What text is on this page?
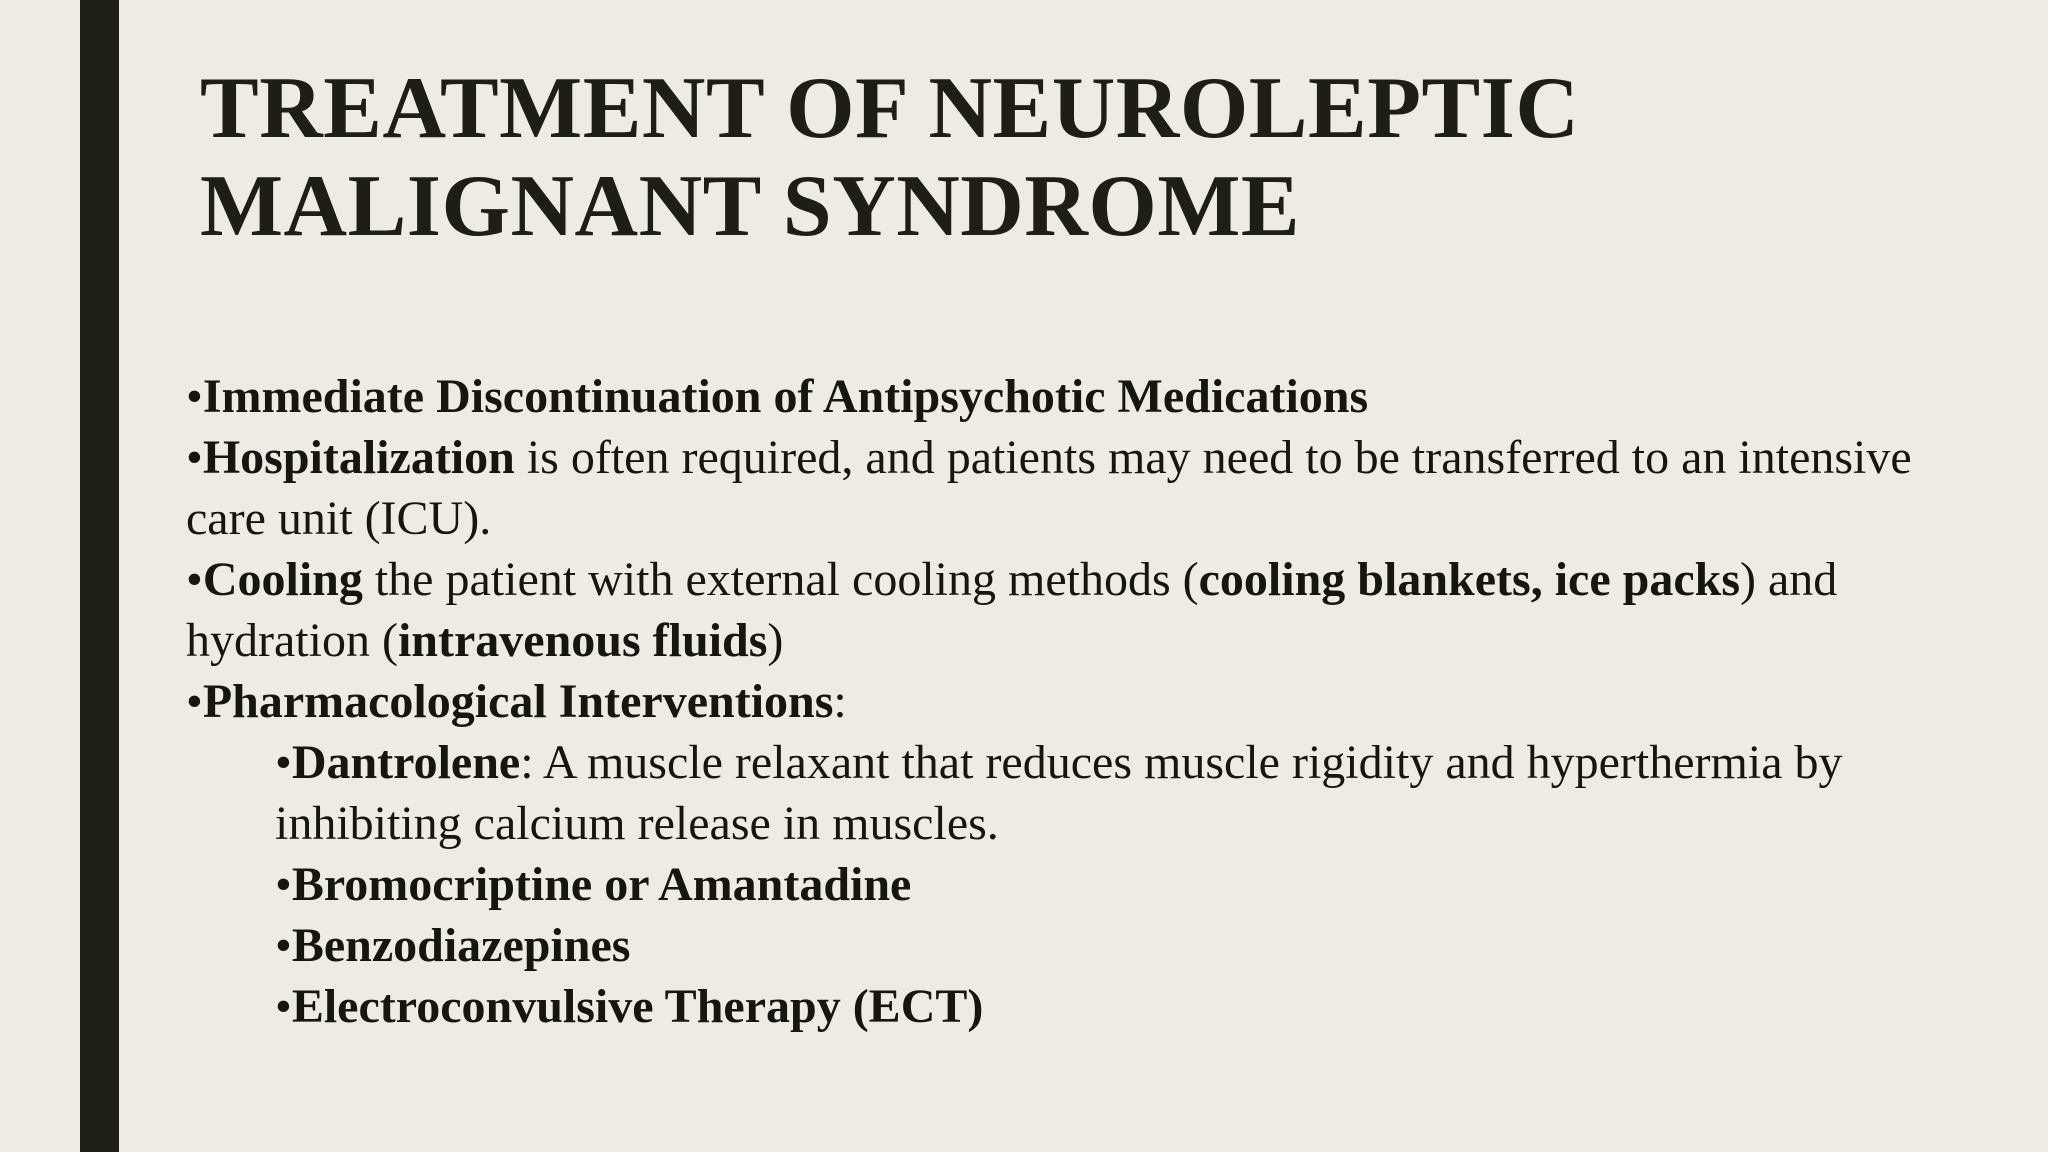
TREATMENT OF NEUROLEPTIC
MALIGNANT SYNDROME
•Immediate Discontinuation of Antipsychotic Medications
•Hospitalization is often required, and patients may need to be transferred to an intensive care unit (ICU).
•Cooling the patient with external cooling methods (cooling blankets, ice packs) and hydration (intravenous fluids)
•Pharmacological Interventions:
•Dantrolene: A muscle relaxant that reduces muscle rigidity and hyperthermia by inhibiting calcium release in muscles.
•Bromocriptine or Amantadine
•Benzodiazepines
•Electroconvulsive Therapy (ECT)
